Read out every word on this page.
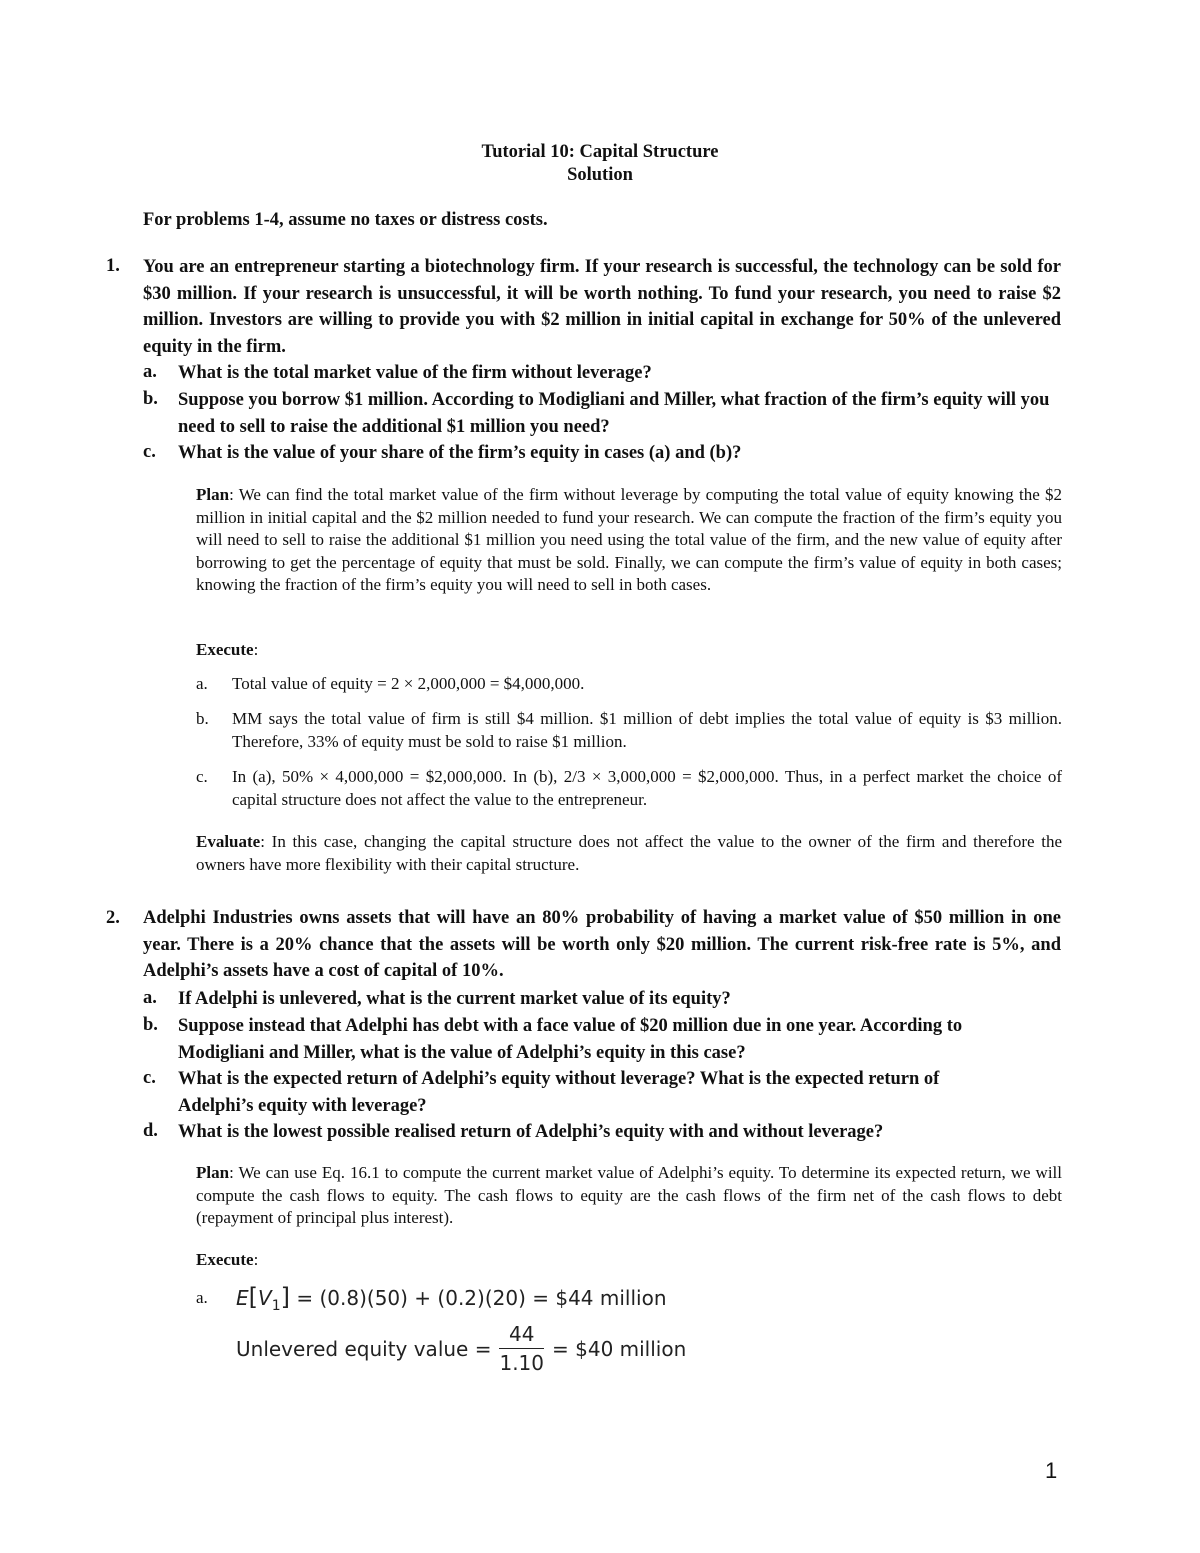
Tutorial 10: Capital Structure
Solution
For problems 1-4, assume no taxes or distress costs.
1. You are an entrepreneur starting a biotechnology firm. If your research is successful, the technology can be sold for $30 million. If your research is unsuccessful, it will be worth nothing. To fund your research, you need to raise $2 million. Investors are willing to provide you with $2 million in initial capital in exchange for 50% of the unlevered equity in the firm.
a. What is the total market value of the firm without leverage?
b. Suppose you borrow $1 million. According to Modigliani and Miller, what fraction of the firm’s equity will you need to sell to raise the additional $1 million you need?
c. What is the value of your share of the firm’s equity in cases (a) and (b)?
Plan: We can find the total market value of the firm without leverage by computing the total value of equity knowing the $2 million in initial capital and the $2 million needed to fund your research. We can compute the fraction of the firm’s equity you will need to sell to raise the additional $1 million you need using the total value of the firm, and the new value of equity after borrowing to get the percentage of equity that must be sold. Finally, we can compute the firm’s value of equity in both cases; knowing the fraction of the firm’s equity you will need to sell in both cases.
Execute:
a. Total value of equity = 2 × 2,000,000 = $4,000,000.
b. MM says the total value of firm is still $4 million. $1 million of debt implies the total value of equity is $3 million. Therefore, 33% of equity must be sold to raise $1 million.
c. In (a), 50% × 4,000,000 = $2,000,000. In (b), 2/3 × 3,000,000 = $2,000,000. Thus, in a perfect market the choice of capital structure does not affect the value to the entrepreneur.
Evaluate: In this case, changing the capital structure does not affect the value to the owner of the firm and therefore the owners have more flexibility with their capital structure.
2. Adelphi Industries owns assets that will have an 80% probability of having a market value of $50 million in one year. There is a 20% chance that the assets will be worth only $20 million. The current risk-free rate is 5%, and Adelphi’s assets have a cost of capital of 10%.
a. If Adelphi is unlevered, what is the current market value of its equity?
b. Suppose instead that Adelphi has debt with a face value of $20 million due in one year. According to Modigliani and Miller, what is the value of Adelphi’s equity in this case?
c. What is the expected return of Adelphi’s equity without leverage? What is the expected return of Adelphi’s equity with leverage?
d. What is the lowest possible realised return of Adelphi’s equity with and without leverage?
Plan: We can use Eq. 16.1 to compute the current market value of Adelphi’s equity. To determine its expected return, we will compute the cash flows to equity. The cash flows to equity are the cash flows of the firm net of the cash flows to debt (repayment of principal plus interest).
Execute:
a. $E[V_1] = (0.8)(50) + (0.2)(20)$ = $44 million
Unlevered equity value = $\frac{44}{1.10}$ = $40 million
1
